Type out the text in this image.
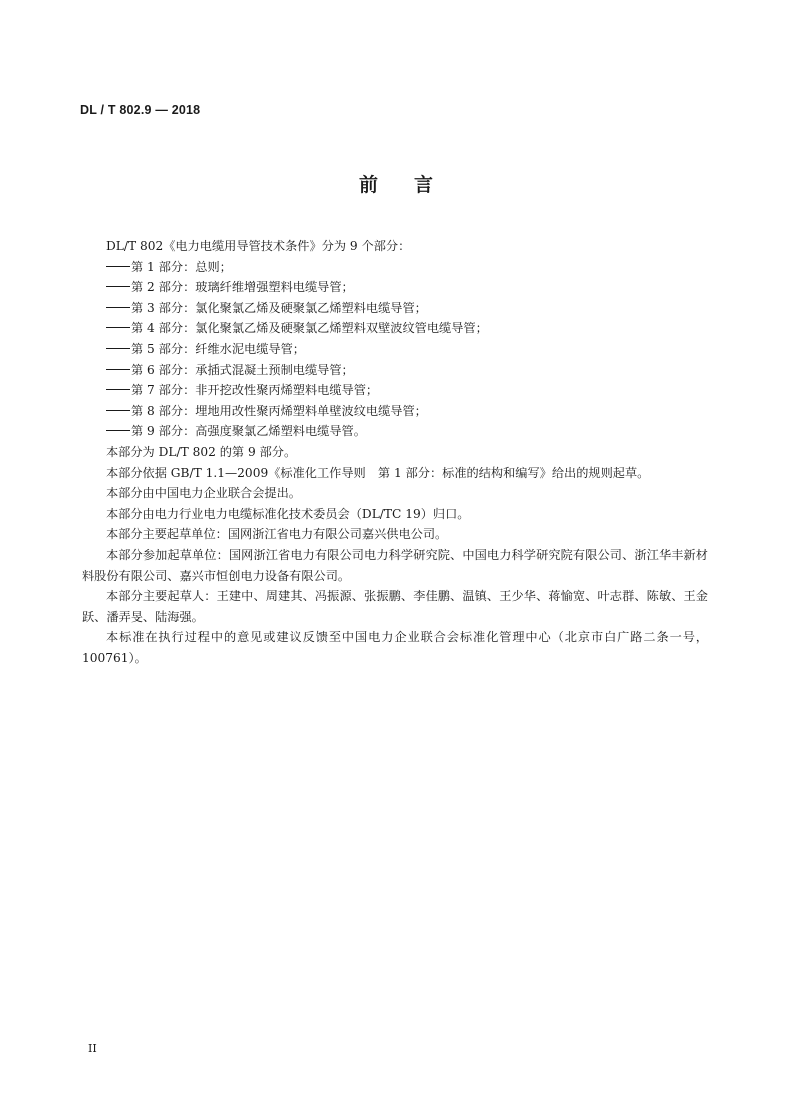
DL / T 802.9 — 2018
前 言

DL/T 802《电力电缆用导管技术条件》分为 9 个部分：

第 1 部分：总则；

第 2 部分：玻璃纤维增强塑料电缆导管；

第 3 部分：氯化聚氯乙烯及硬聚氯乙烯塑料电缆导管；

第 4 部分：氯化聚氯乙烯及硬聚氯乙烯塑料双壁波纹管电缆导管；

第 5 部分：纤维水泥电缆导管；

第 6 部分：承插式混凝土预制电缆导管；

第 7 部分：非开挖改性聚丙烯塑料电缆导管；

第 8 部分：埋地用改性聚丙烯塑料单壁波纹电缆导管；

第 9 部分：高强度聚氯乙烯塑料电缆导管。

本部分为 DL/T 802 的第 9 部分。

本部分依据 GB/T 1.1—2009《标准化工作导则　第 1 部分：标准的结构和编写》给出的规则起草。

本部分由中国电力企业联合会提出。

本部分由电力行业电力电缆标准化技术委员会（DL/TC 19）归口。

本部分主要起草单位：国网浙江省电力有限公司嘉兴供电公司。

本部分参加起草单位：国网浙江省电力有限公司电力科学研究院、中国电力科学研究院有限公司、浙江华丰新材料股份有限公司、嘉兴市恒创电力设备有限公司。

本部分主要起草人：王建中、周建其、冯振源、张振鹏、李佳鹏、温镇、王少华、蒋愉宽、叶志群、陈敏、王金跃、潘弄旻、陆海强。

本标准在执行过程中的意见或建议反馈至中国电力企业联合会标准化管理中心（北京市白广路二条一号，100761）。

II
